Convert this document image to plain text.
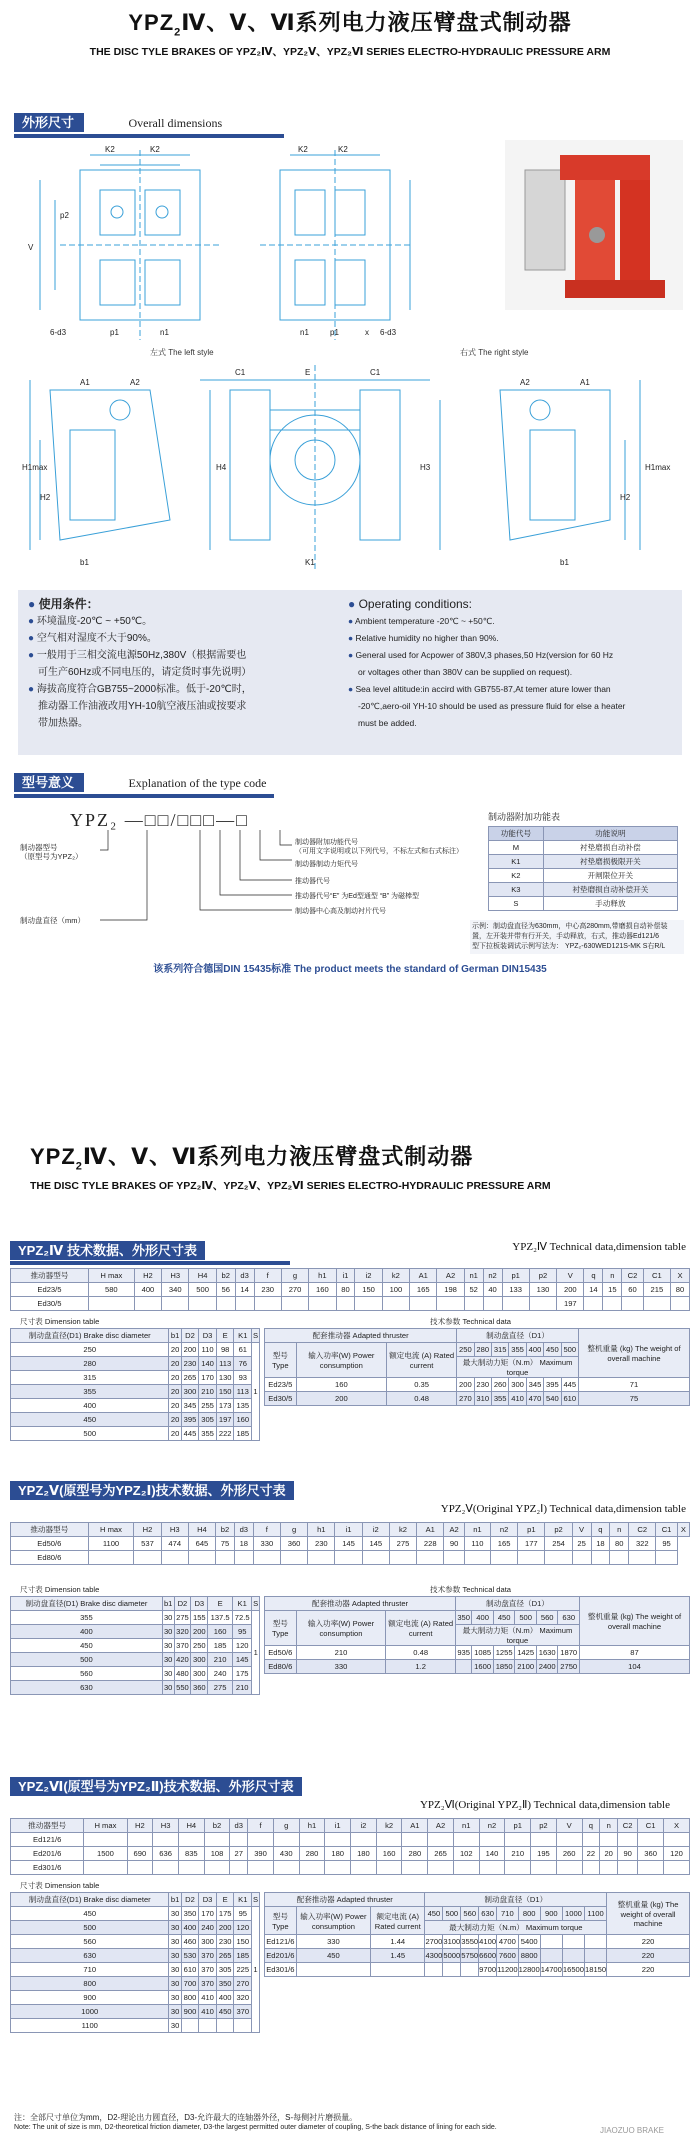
$YPZ_2Ⅳ$、Ⅴ、Ⅵ系列电力液压臂盘式制动器
THE DISC TYLE BRAKES OF YPZ₂Ⅳ、YPZ₂Ⅴ、YPZ₂Ⅵ SERIES ELECTRO-HYDRAULIC PRESSURE ARM
外形尺寸	Overall dimensions
K2	K2	K2	K2
V
p2
p1	n1
6-d3	n1	p1	x 6-d3
A1	A2
C1	E	C1
A2	A1
H1max
H2
H4	H3	H1max
H2
K1
b1	b1
左式 The left style	右式 The right style

● 使用条件：

● 环境温度-20℃ ~ +50℃。

● 空气相对湿度不大于90%。

● 一般用于三相交流电源50Hz,380V（根据需要也

可生产60Hz或不同电压的，请定货时事先说明）

● 海拔高度符合GB755~2000标准。低于-20℃时，

推动器工作油液改用YH-10航空液压油或按要求

带加热器。

● Operating conditions:

● Ambient temperature -20℃ ~ +50℃.

● Relative humidity no higher than 90%.

● General used for Acpower of 380V,3 phases,50 Hz(version for 60 Hz

or voltages other than 380V can be supplied on request).

● Sea level altitude:in accird with GB755-87,At temer ature lower than

-20℃,aero-oil YH-10 should be used as pressure fluid for else a heater

must be added.

型号意义	Explanation of the type code
YPZ₂ —□□/□□□—□
制动器型号
（原型号为YPZ₂）
制动盘直径（mm）
制动器附加功能代号
（可用文字说明或以下列代号，不标左式和右式标注）
制动器制动力矩代号
推动器代号
推动器代号“E” 为Ed型通型 “B” 为磁棒型
制动器中心高及制动衬片代号
制动器附加功能表
功能代号	功能说明
M	衬垫磨损自动补偿
K1	衬垫磨损极限开关
K2	开闸限位开关
K3	衬垫磨损自动补偿开关
S	手动释放
示例：制动盘直径为630mm，中心高280mm,带磨损自动补偿装
置，左开装并带有行开关，手动释放，右式，推动器Ed121/6
型下拉板装调试示例写法为： YPZ₂-630WED121S-MK S右R/L
该系列符合德国DIN 15435标准 The product meets the standard of German DIN15435
$YPZ_2Ⅳ$、Ⅴ、Ⅵ系列电力液压臂盘式制动器
THE DISC TYLE BRAKES OF YPZ₂Ⅳ、YPZ₂Ⅴ、YPZ₂Ⅵ SERIES ELECTRO-HYDRAULIC PRESSURE ARM
YPZ₂Ⅳ 技术数据、外形尺寸表	YPZ₂Ⅳ Technical data,dimension table
推动器型号	H max	H2	H3	H4	b2	d3	f	g	h1	i1	i2	k2	A1	A2	n1	n2	p1	p2	V	q	n	C2	C1	X
Ed23/5	580	400	340	500	56	14	230	270	160	80	150	100	165	198	52	40	133	130	200	14	15	60	215	80
Ed30/5																			197					
尺寸表 Dimension table	技术参数 Technical data
制动盘直径(D1) Brake disc diameter	b1	D2	D3	E	K1	S
250	20	200	110	98	61	1
280	20	230	140	113	76	
315	20	265	170	130	93	
355	20	300	210	150	113	
400	20	345	255	173	135	
450	20	395	305	197	160	
500	20	445	355	222	185	
配套推动器 Adapted thruster			制动盘直径（D1）							整机重量 (kg) The weight of overall machine
型号 Type	输入功率(W) Power consumption	额定电流 (A) Rated current	250	280	315	355	400	450	500	
			最大制动力矩（N.m） Maximum torque							
Ed23/5	160	0.35	200	230	260	300	345	395	445	71
Ed30/5	200	0.48	270	310	355	410	470	540	610	75
YPZ₂Ⅴ(原型号为YPZ₂Ⅰ)技术数据、外形尺寸表
YPZ₂Ⅴ(Original YPZ₂Ⅰ) Technical data,dimension table
推动器型号	H max	H2	H3	H4	b2	d3	f	g	h1	i1	i2	k2	A1	A2	n1	n2	p1	p2	V	q	n	C2	C1	X
Ed50/6	1100	537	474	645	75	18	330	360	230	145	145	275	228	90	110	165	177	254	25	18	80	322	95	
Ed80/6																								
尺寸表 Dimension table	技术参数 Technical data
制动盘直径(D1) Brake disc diameter	b1	D2	D3	E	K1	S
355	30	275	155	137.5	72.5	1
400	30	320	200	160	95	
450	30	370	250	185	120	
500	30	420	300	210	145	
560	30	480	300	240	175	
630	30	550	360	275	210	
配套推动器 Adapted thruster			制动盘直径（D1）						整机重量 (kg) The weight of overall machine
型号 Type	输入功率(W) Power consumption	额定电流 (A) Rated current	350	400	450	500	560	630	
			最大制动力矩（N.m） Maximum torque						
Ed50/6	210	0.48	935	1085	1255	1425	1630	1870	87
Ed80/6	330	1.2		1600	1850	2100	2400	2750	104
YPZ₂Ⅵ(原型号为YPZ₂Ⅱ)技术数据、外形尺寸表
YPZ₂Ⅵ(Original YPZ₂Ⅱ) Technical data,dimension table
推动器型号	H max	H2	H3	H4	b2	d3	f	g	h1	i1	i2	k2	A1	A2	n1	n2	p1	p2	V	q	n	C2	C1	X
Ed121/6																								
Ed201/6	1500	690	636	835	108	27	390	430	280	180	180	160	280	265	102	140	210	195	260	22	20	90	360	120
Ed301/6																								
尺寸表 Dimension table
制动盘直径(D1) Brake disc diameter	b1	D2	D3	E	K1	S
450	30	350	170	175	95	1
500	30	400	240	200	120	
560	30	460	300	230	150	
630	30	530	370	265	185	
710	30	610	370	305	225	
800	30	700	370	350	270	
900	30	800	410	400	320	
1000	30	900	410	450	370	
1100	30					
配套推动器 Adapted thruster			制动盘直径（D1）									整机重量 (kg) The weight of overall machine
型号 Type	输入功率(W) Power consumption	额定电流 (A) Rated current	450	500	560	630	710	800	900	1000	1100	
			最大制动力矩（N.m） Maximum torque									
Ed121/6	330	1.44	2700	3100	3550	4100	4700	5400				220
Ed201/6	450	1.45	4300	5000	5750	6600	7600	8800				220
Ed301/6						9700	11200	12800	14700	16500	18150	220
注：全部尺寸单位为mm，D2-理论出力圆直径，D3-允许最大的连轴器外径，S-每侧衬片磨损量。
Note: The unit of size is mm, D2-theoretical friction diameter, D3-the largest permitted outer diameter of coupling, S-the back distance of lining for each side.	JIAOZUO BRAKE
